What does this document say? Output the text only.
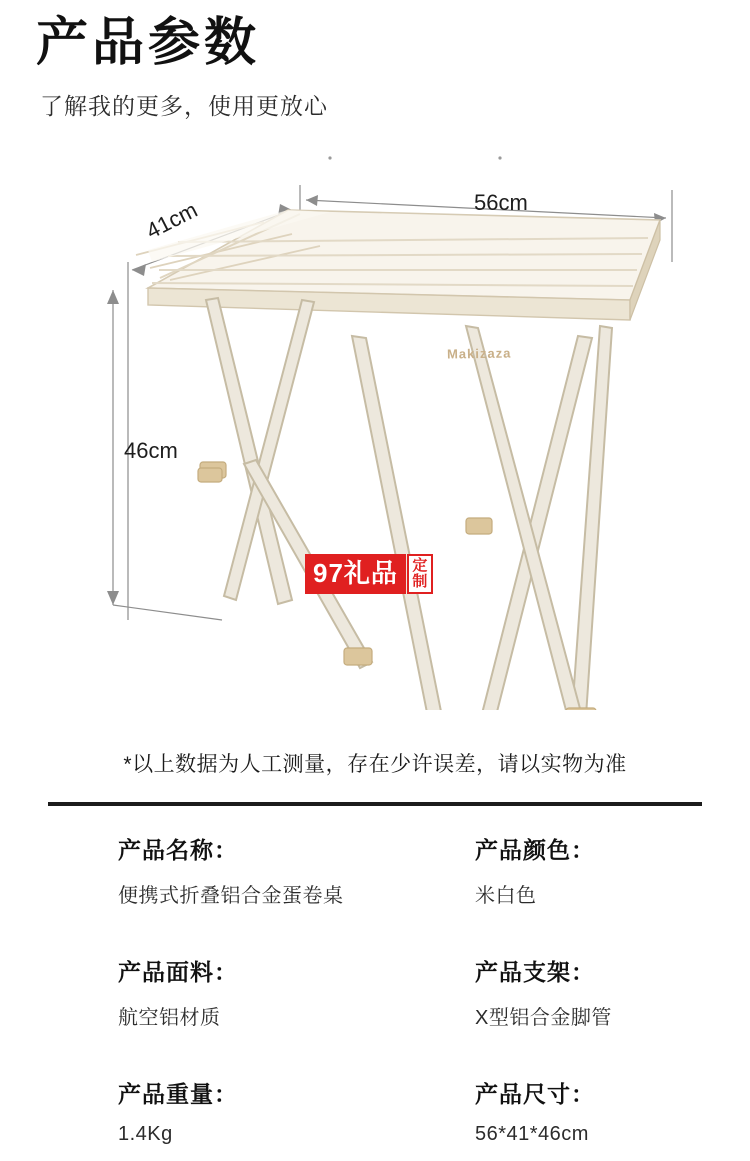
产品参数
了解我的更多，使用更放心
56cm
41cm
46cm
Makizaza
97礼品 定
制
*以上数据为人工测量，存在少许误差，请以实物为准
产品名称：
便携式折叠铝合金蛋卷桌
产品颜色：
米白色
产品面料：
航空铝材质
产品支架：
X型铝合金脚管
产品重量：
1.4Kg
产品尺寸：
56*41*46cm
